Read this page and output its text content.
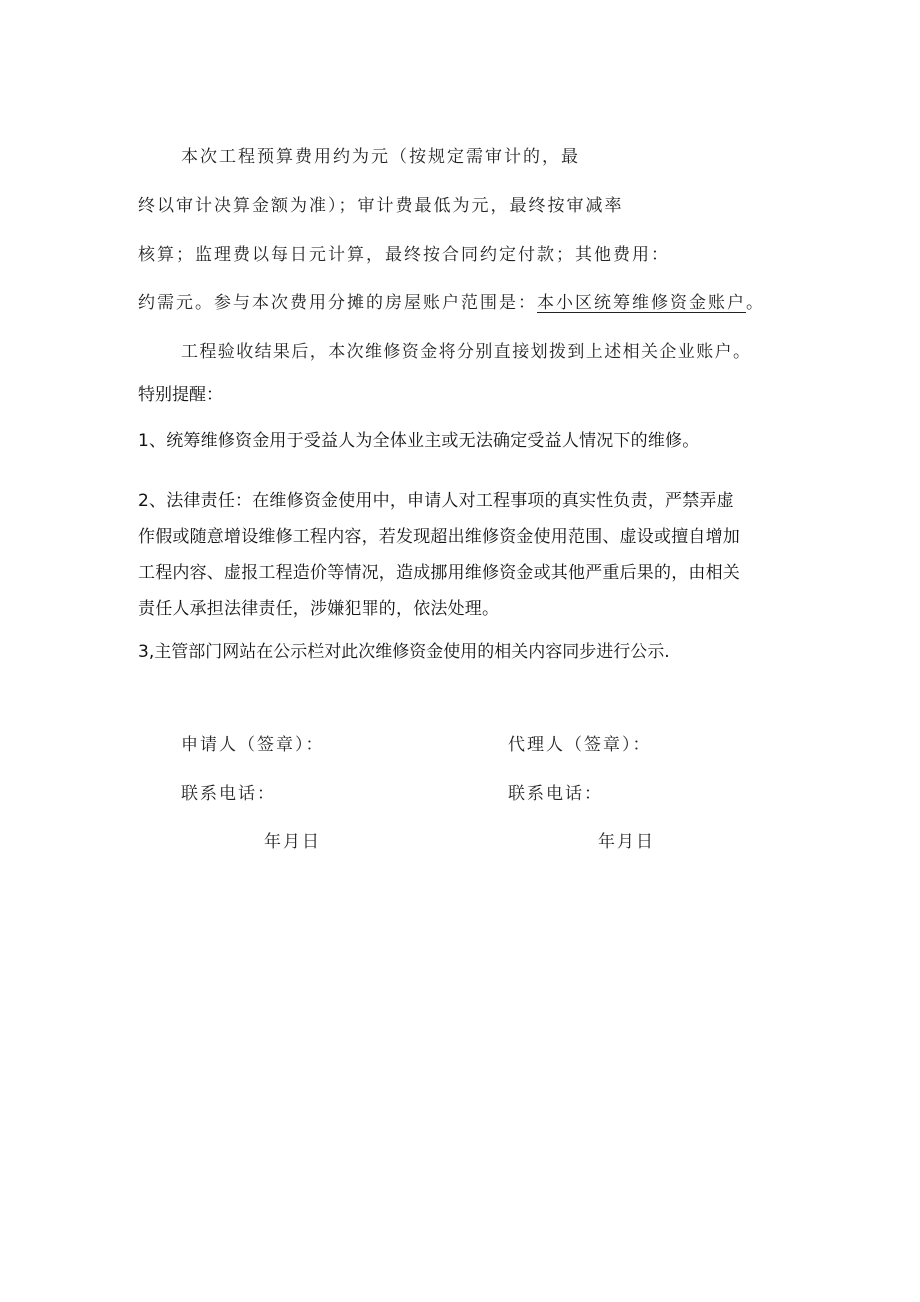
本次工程预算费用约为元（按规定需审计的，最

终以审计决算金额为准）；审计费最低为元，最终按审减率

核算；监理费以每日元计算，最终按合同约定付款；其他费用：

约需元。参与本次费用分摊的房屋账户范围是：本小区统筹维修资金账户。

工程验收结果后，本次维修资金将分别直接划拨到上述相关企业账户。

特别提醒：

1、统筹维修资金用于受益人为全体业主或无法确定受益人情况下的维修。

2、法律责任：在维修资金使用中，申请人对工程事项的真实性负责，严禁弄虚

作假或随意增设维修工程内容，若发现超出维修资金使用范围、虚设或擅自增加

工程内容、虚报工程造价等情况，造成挪用维修资金或其他严重后果的，由相关

责任人承担法律责任，涉嫌犯罪的，依法处理。

3,主管部门网站在公示栏对此次维修资金使用的相关内容同步进行公示.

申请人（签章）：	代理人（签章）：

联系电话：	联系电话：

年月日	年月日
